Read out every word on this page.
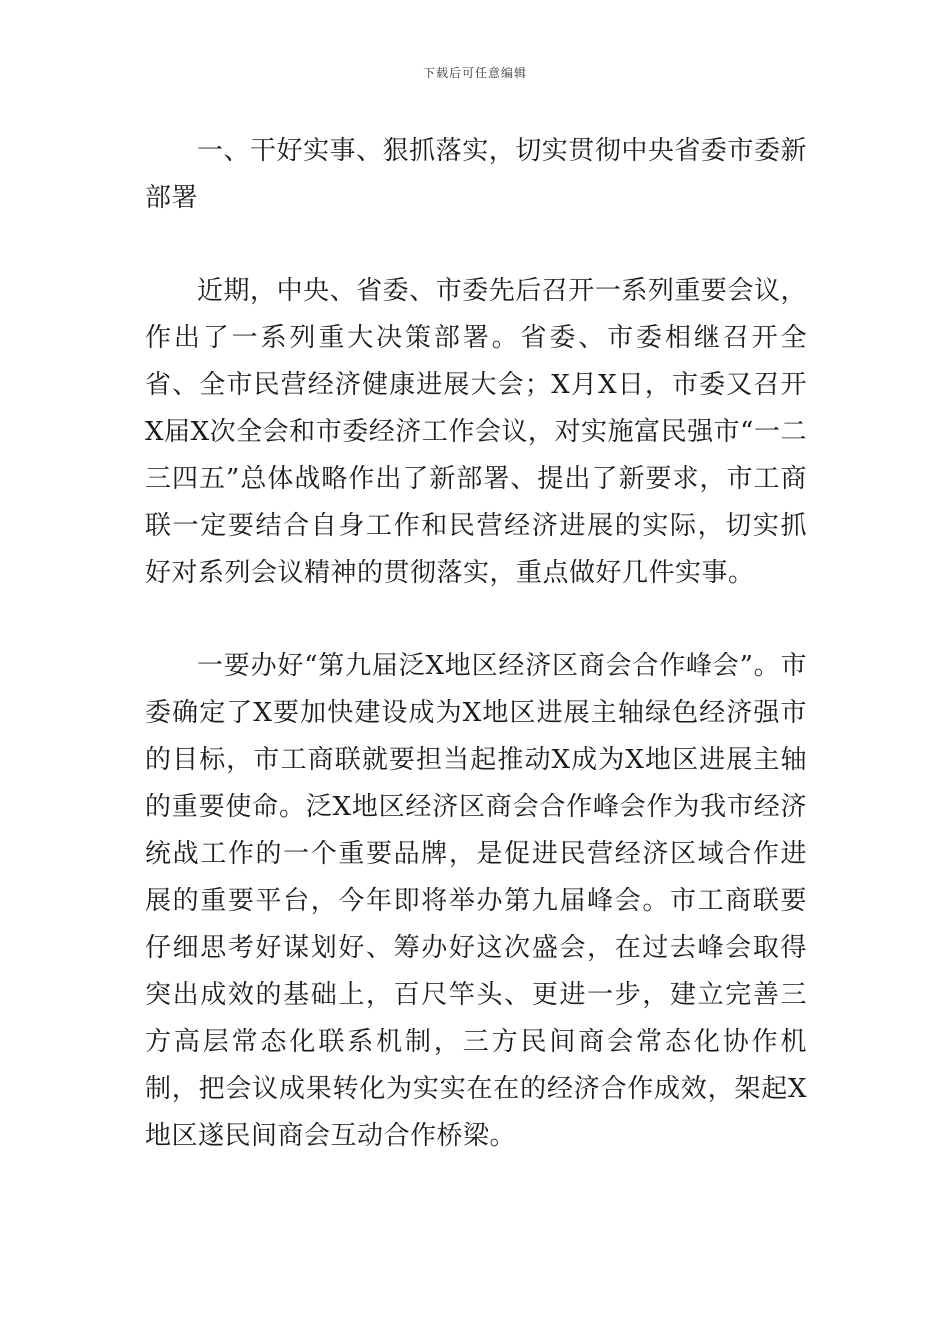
下载后可任意编辑

一、干好实事、狠抓落实，切实贯彻中央省委市委新部署

近期，中央、省委、市委先后召开一系列重要会议，作出了一系列重大决策部署。省委、市委相继召开全省、全市民营经济健康进展大会；X月X日，市委又召开X届X次全会和市委经济工作会议，对实施富民强市“一二三四五”总体战略作出了新部署、提出了新要求，市工商联一定要结合自身工作和民营经济进展的实际，切实抓好对系列会议精神的贯彻落实，重点做好几件实事。

一要办好“第九届泛X地区经济区商会合作峰会”。市委确定了X要加快建设成为X地区进展主轴绿色经济强市的目标，市工商联就要担当起推动X成为X地区进展主轴的重要使命。泛X地区经济区商会合作峰会作为我市经济统战工作的一个重要品牌，是促进民营经济区域合作进展的重要平台，今年即将举办第九届峰会。市工商联要仔细思考好谋划好、筹办好这次盛会，在过去峰会取得突出成效的基础上，百尺竿头、更进一步，建立完善三方高层常态化联系机制，三方民间商会常态化协作机制，把会议成果转化为实实在在的经济合作成效，架起X地区遂民间商会互动合作桥梁。
